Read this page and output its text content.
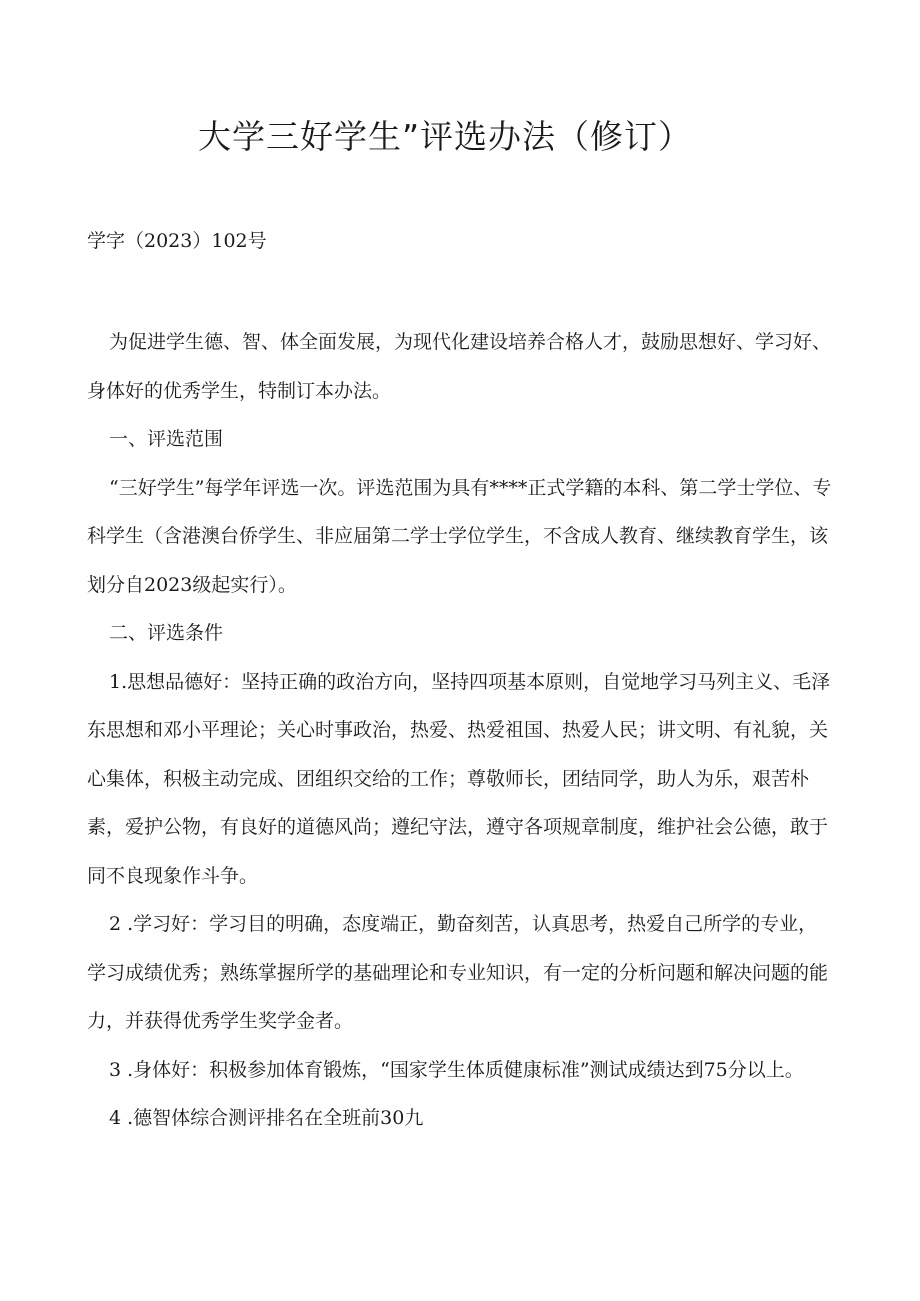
大学三好学生”评选办法（修订）

学字（2023）102号

为促进学生德、智、体全面发展，为现代化建设培养合格人才，鼓励思想好、学习好、身体好的优秀学生，特制订本办法。

一、评选范围

“三好学生”每学年评选一次。评选范围为具有****正式学籍的本科、第二学士学位、专科学生（含港澳台侨学生、非应届第二学士学位学生，不含成人教育、继续教育学生，该划分自2023级起实行）。

二、评选条件

1.思想品德好：坚持正确的政治方向，坚持四项基本原则，自觉地学习马列主义、毛泽东思想和邓小平理论；关心时事政治，热爱、热爱祖国、热爱人民；讲文明、有礼貌，关心集体，积极主动完成、团组织交给的工作；尊敬师长，团结同学，助人为乐，艰苦朴素，爱护公物，有良好的道德风尚；遵纪守法，遵守各项规章制度，维护社会公德，敢于同不良现象作斗争。

2 .学习好：学习目的明确，态度端正，勤奋刻苦，认真思考，热爱自己所学的专业，学习成绩优秀；熟练掌握所学的基础理论和专业知识，有一定的分析问题和解决问题的能力，并获得优秀学生奖学金者。

3 .身体好：积极参加体育锻炼，“国家学生体质健康标准”测试成绩达到75分以上。

4 .德智体综合测评排名在全班前30九
